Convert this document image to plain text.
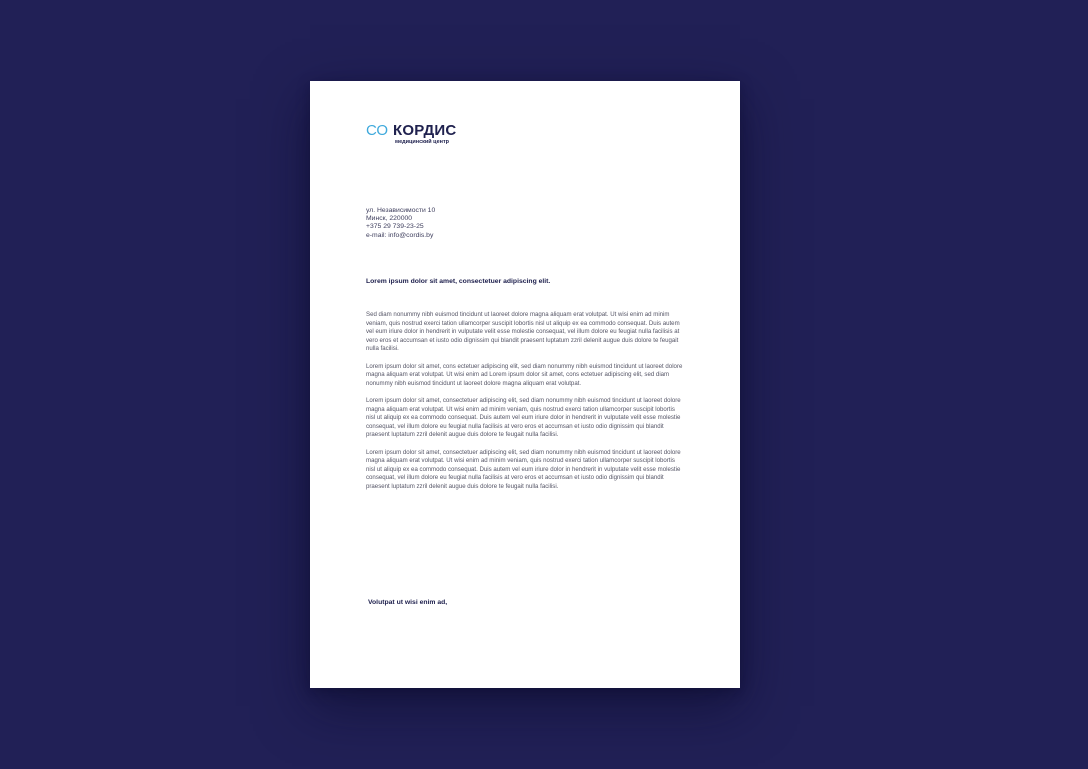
CO КОРДИС
медицинский центр
ул. Независимости 10
Минск, 220000
+375 29 739-23-25
e-mail: info@cordis.by
Lorem ipsum dolor sit amet, consectetuer adipiscing elit.

Sed diam nonummy nibh euismod tincidunt ut laoreet dolore magna aliquam erat volutpat. Ut wisi enim ad minim veniam, quis nostrud exerci tation ullamcorper suscipit lobortis nisl ut aliquip ex ea commodo consequat. Duis autem vel eum iriure dolor in hendrerit in vulputate velit esse molestie consequat, vel illum dolore eu feugiat nulla facilisis at vero eros et accumsan et iusto odio dignissim qui blandit praesent luptatum zzril delenit augue duis dolore te feugait nulla facilisi.

Lorem ipsum dolor sit amet, cons ectetuer adipiscing elit, sed diam nonummy nibh euismod tincidunt ut laoreet dolore magna aliquam erat volutpat. Ut wisi enim ad Lorem ipsum dolor sit amet, cons ectetuer adipiscing elit, sed diam nonummy nibh euismod tincidunt ut laoreet dolore magna aliquam erat volutpat.

Lorem ipsum dolor sit amet, consectetuer adipiscing elit, sed diam nonummy nibh euismod tincidunt ut laoreet dolore magna aliquam erat volutpat. Ut wisi enim ad minim veniam, quis nostrud exerci tation ullamcorper suscipit lobortis nisl ut aliquip ex ea commodo consequat. Duis autem vel eum iriure dolor in hendrerit in vulputate velit esse molestie consequat, vel illum dolore eu feugiat nulla facilisis at vero eros et accumsan et iusto odio dignissim qui blandit praesent luptatum zzril delenit augue duis dolore te feugait nulla facilisi.

Lorem ipsum dolor sit amet, consectetuer adipiscing elit, sed diam nonummy nibh euismod tincidunt ut laoreet dolore magna aliquam erat volutpat. Ut wisi enim ad minim veniam, quis nostrud exerci tation ullamcorper suscipit lobortis nisl ut aliquip ex ea commodo consequat. Duis autem vel eum iriure dolor in hendrerit in vulputate velit esse molestie consequat, vel illum dolore eu feugiat nulla facilisis at vero eros et accumsan et iusto odio dignissim qui blandit praesent luptatum zzril delenit augue duis dolore te feugait nulla facilisi.

Volutpat ut wisi enim ad,
